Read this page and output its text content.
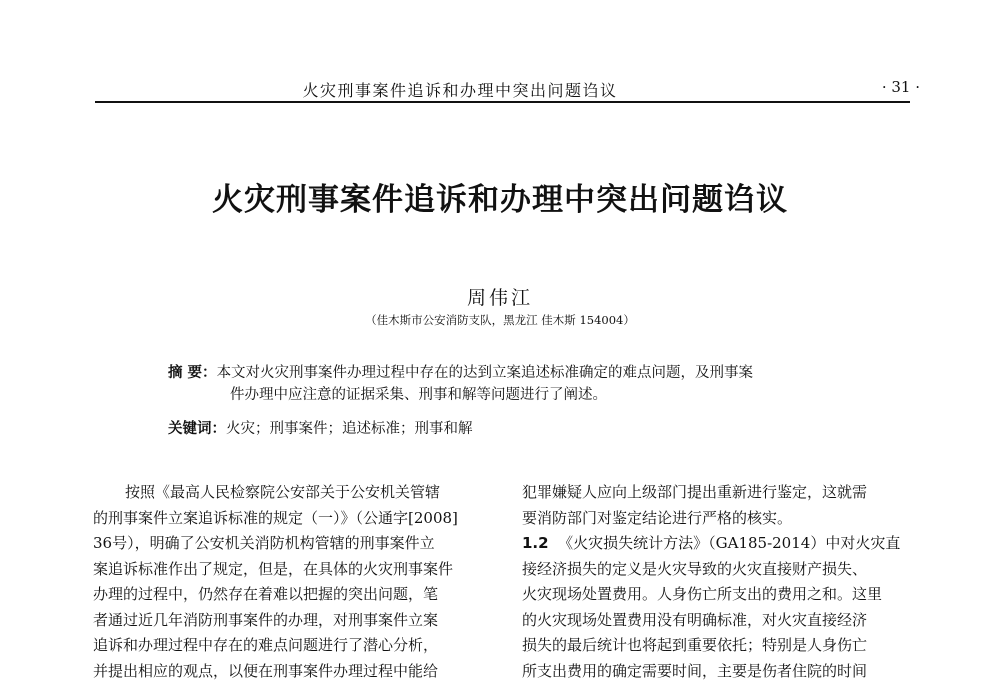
火灾刑事案件追诉和办理中突出问题诌议	· 31 ·
火灾刑事案件追诉和办理中突出问题诌议
周伟江
（佳木斯市公安消防支队，黑龙江 佳木斯 154004）
摘 要：本文对火灾刑事案件办理过程中存在的达到立案追述标准确定的难点问题，及刑事案
件办理中应注意的证据采集、刑事和解等问题进行了阐述。
关键词：火灾；刑事案件；追述标准；刑事和解
按照《最高人民检察院公安部关于公安机关管辖
的刑事案件立案追诉标准的规定（一）》（公通字[2008]
36号），明确了公安机关消防机构管辖的刑事案件立
案追诉标准作出了规定，但是，在具体的火灾刑事案件
办理的过程中，仍然存在着难以把握的突出问题，笔
者通过近几年消防刑事案件的办理，对刑事案件立案
追诉和办理过程中存在的难点问题进行了潜心分析，
并提出相应的观点，以便在刑事案件办理过程中能给
犯罪嫌疑人应向上级部门提出重新进行鉴定，这就需
要消防部门对鉴定结论进行严格的核实。
1.2 《火灾损失统计方法》（GA185-2014）中对火灾直
接经济损失的定义是火灾导致的火灾直接财产损失、
火灾现场处置费用。人身伤亡所支出的费用之和。这里
的火灾现场处置费用没有明确标准，对火灾直接经济
损失的最后统计也将起到重要依托；特别是人身伤亡
所支出费用的确定需要时间，主要是伤者住院的时间
